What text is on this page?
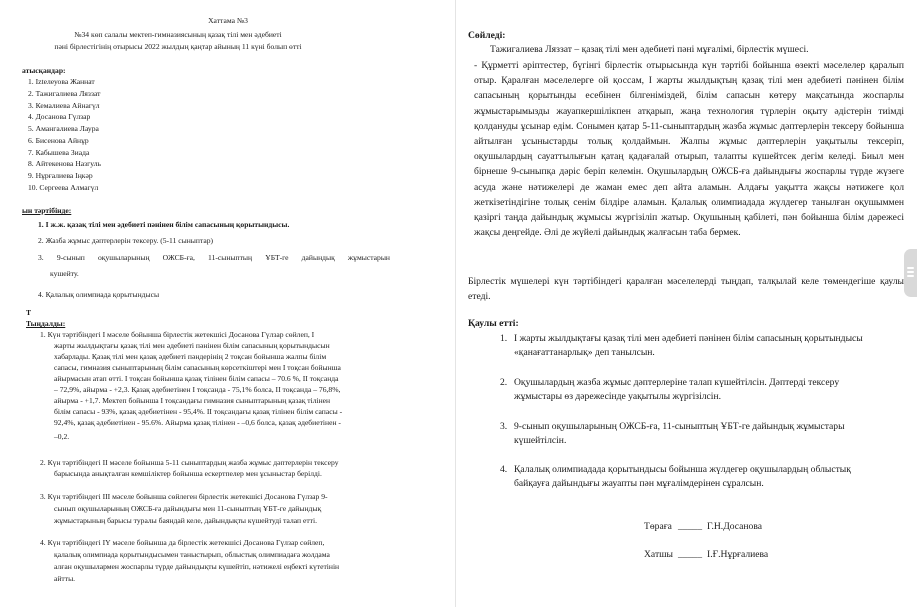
Хаттама №3
№34 көп салалы мектеп-гимназиясының қазақ тілі мен әдебиеті
пәні бірлестігінің отырысы 2022 жылдың қаңтар айының 11 күні болып өтті
атысқандар:
1. Іztелеуова Жаннат
2. Тажигалиева Ляззат
3. Кемалиева Айнагүл
4. Досанова Гүлзар
5. Амангалиева Лаура
6. Бисенова Айнұр
7. Кабышева Зиада
8. Айтекенова Назгуль
9. Нұрғалиева Іңкәр
10. Сергеева Алмагүл
ын тәртібінде:
1. І ж.ж. қазақ тілі мен әдебиеті пәнінен білім сапасының қорытындысы.
2. Жазба жұмыс дәптерлерін тексеру. (5-11 сыныптар)
3. 9-сынып оқушыларының ОЖСБ-ға, 11-сыныптың ҰБТ-ге дайындық жұмыстарын
кушейту.
4. Қалалық олимпиада қорытындысы
Т
Тыңдалды:
1. Күн тәртібіндегі І мәселе бойынша бірлестік жетекшісі Досанова Гүлзар сөйлеп, І
жарты жылдықтағы қазақ тілі мен әдебиеті пәнінен білім сапасының қорытындысын
хабарлады. Қазақ тілі мен қазақ әдебиеті пәндерінің 2 тоқсан бойынша жалпы білім
сапасы, гимназия сыныптарының білім сапасының көрсеткіштері мен І тоқсан бойынша
айырмасын атап өтті. І тоқсан бойынша қазақ тілінен білім сапасы – 70.6 %, ІІ тоқсанда
– 72,9%, айырма - +2,3. Қазақ әдебиетінен І тоқсанда - 75,1% болса, ІІ тоқсанда – 76,8%,
айырма - +1,7. Мектеп бойынша І тоқсандағы гимназия сыныптарының қазақ тілінен
білім сапасы - 93%, қазақ әдебиетінен - 95,4%. ІІ тоқсандағы қазақ тілінен білім сапасы -
92,4%, қазақ әдебиетінен - 95.6%. Айырма қазақ тілінен - –0,6 болса, қазақ әдебиетінен -
–0,2.
2. Күн тәртібіндегі ІІ мәселе бойынша 5-11 сыныптардың жазба жұмыс дәптерлерін тексеру
барысында анықталған кемшіліктер бойынша ескертпелер мен ұсыныстар берілді.
3. Күн тәртібіндегі ІІІ мәселе бойынша сөйлеген бірлестік жетекшісі Досанова Гүлзар 9-
сынып оқушыларының ОЖСБ-ға дайындығы мен 11-сыныптың ҰБТ-ге дайындық
жұмыстарының барысы туралы баяндай келе, дайындықты күшейтуді талап етті.
4. Күн тәртібіндегі ІҮ мәселе бойынша да бірлестік жетекшісі Досанова Гүлзар сөйлеп,
қалалық олимпиада қорытындысымен таныстырып, облыстық олимпиадаға жолдама
алған оқушылармен жоспарлы түрде дайындықты күшейтіп, нәтижелі еңбекті күтетінін
айтты.
Сөйледі:
Тажигалиева Ляззат – қазақ тілі мен әдебиеті пәні мұғалімі, бірлестік мүшесі.
- Құрметті әріптестер, бүгінгі бірлестік отырысында күн тәртібі бойынша өзекті мәселелер қаралып отыр. Қаралған мәселелерге ой қоссам, І жарты жылдықтың қазақ тілі мен әдебиеті пәнінен білім сапасының қорытынды есебінен білгеніміздей, білім сапасын көтеру мақсатында жоспарлы жұмыстарымызды жауапкершілікпен атқарып, жаңа технология түрлерін оқыту әдістерін тиімді қолдануды ұсынар едім. Сонымен қатар 5-11-сыныптардың жазба жұмыс дәптерлерін тексеру бойынша айтылған ұсыныстарды толық қолдаймын. Жалпы жұмыс дәптерлерін уақытылы тексеріп, оқушылардың сауаттылығын қатаң қадағалай отырып, талапты күшейтсек дегім келеді. Биыл мен бірнеше 9-сыныпқа дәріс беріп келемін. Оқушылардың ОЖСБ-ға дайындығы жоспарлы түрде жүзеге асуда және нәтижелері де жаман емес деп айта аламын. Алдағы уақытта жақсы нәтижеге қол жеткізетіндігіне толық сенім білдіре аламын. Қалалық олимпиадада жүлдегер танылған оқушыммен қазіргі таңда дайындық жұмысы жүргізіліп жатыр. Оқушының қабілеті, пән бойынша білім дәрежесі жақсы деңгейде. Әлі де жүйелі дайындық жалғасын таба бермек.
Бірлестік мүшелері күн тәртібіндегі қаралған мәселелерді тыңдап, талқылай келе төмендегіше қаулы етеді.
Қаулы етті:
1. І жарты жылдықтағы қазақ тілі мен әдебиеті пәнінен білім сапасының қорытындысы
«қанағаттанарлық» деп танылсын.
2. Оқушылардың жазба жұмыс дәптерлеріне талап күшейтілсін. Дәптерді тексеру
жұмыстары өз дәрежесінде уақытылы жүргізілсін.
3. 9-сынып оқушыларының ОЖСБ-ға, 11-сыныптың ҰБТ-ге дайындық жұмыстары
күшейтілсін.
4. Қалалық олимпиадада қорытындысы бойынша жүлдегер оқушылардың облыстық
байқауға дайындығы жауапты пән мұғалімдерінен сұралсын.
Төраға _____ Г.Н.Досанова
Хатшы _____ І.Ғ.Нұрғалиева
